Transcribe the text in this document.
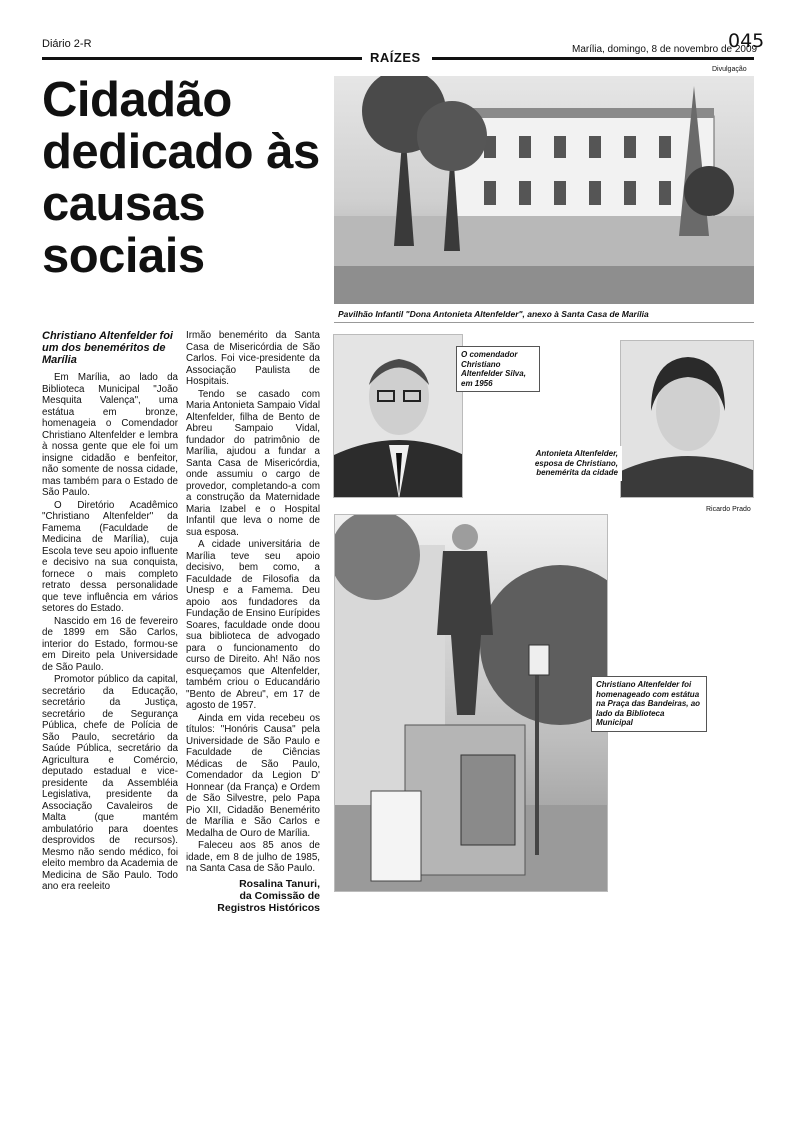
Diário 2-R	045
Marília, domingo, 8 de novembro de 2009
RAÍZES
Cidadão dedicado às causas sociais
Divulgação
Pavilhão Infantil "Dona Antonieta Altenfelder", anexo à Santa Casa de Marília
O comendador Christiano Altenfelder Silva, em 1956
Antonieta Altenfelder, esposa de Christiano, benemérita da cidade
Ricardo Prado
Christiano Altenfelder foi homenageado com estátua na Praça das Bandeiras, ao lado da Biblioteca Municipal

Christiano Altenfelder foi um dos beneméritos de Marília

Em Marília, ao lado da Biblioteca Municipal "João Mesquita Valença", uma estátua em bronze, homenageia o Comendador Christiano Altenfelder e lembra à nossa gente que ele foi um insigne cidadão e benfeitor, não somente de nossa cidade, mas também para o Estado de São Paulo.

O Diretório Acadêmico "Christiano Altenfelder" da Famema (Faculdade de Medicina de Marília), cuja Escola teve seu apoio influente e decisivo na sua conquista, fornece o mais completo retrato dessa personalidade que teve influência em vários setores do Estado.

Nascido em 16 de fevereiro de 1899 em São Carlos, interior do Estado, formou-se em Direito pela Universidade de São Paulo.

Promotor público da capital, secretário da Educação, secretário da Justiça, secretário de Segurança Pública, chefe de Polícia de São Paulo, secretário da Saúde Pública, secretário da Agricultura e Comércio, deputado estadual e vice-presidente da Assembléia Legislativa, presidente da Associação Cavaleiros de Malta (que mantém ambulatório para doentes desprovidos de recursos). Mesmo não sendo médico, foi eleito membro da Academia de Medicina de São Paulo. Todo ano era reeleito

Irmão benemérito da Santa Casa de Misericórdia de São Carlos. Foi vice-presidente da Associação Paulista de Hospitais.

Tendo se casado com Maria Antonieta Sampaio Vidal Altenfelder, filha de Bento de Abreu Sampaio Vidal, fundador do patrimônio de Marília, ajudou a fundar a Santa Casa de Misericórdia, onde assumiu o cargo de provedor, completando-a com a construção da Maternidade Maria Izabel e o Hospital Infantil que leva o nome de sua esposa.

A cidade universitária de Marília teve seu apoio decisivo, bem como, a Faculdade de Filosofia da Unesp e a Famema. Deu apoio aos fundadores da Fundação de Ensino Eurípides Soares, faculdade onde doou sua biblioteca de advogado para o funcionamento do curso de Direito. Ah! Não nos esqueçamos que Altenfelder, também criou o Educandário "Bento de Abreu", em 17 de agosto de 1957.

Ainda em vida recebeu os títulos: "Honóris Causa" pela Universidade de São Paulo e Faculdade de Ciências Médicas de São Paulo, Comendador da Legion D' Honnear (da França) e Ordem de São Silvestre, pelo Papa Pio XII, Cidadão Benemérito de Marília e São Carlos e Medalha de Ouro de Marília.

Faleceu aos 85 anos de idade, em 8 de julho de 1985, na Santa Casa de São Paulo.

Rosalina Tanuri,
da Comissão de
Registros Históricos
